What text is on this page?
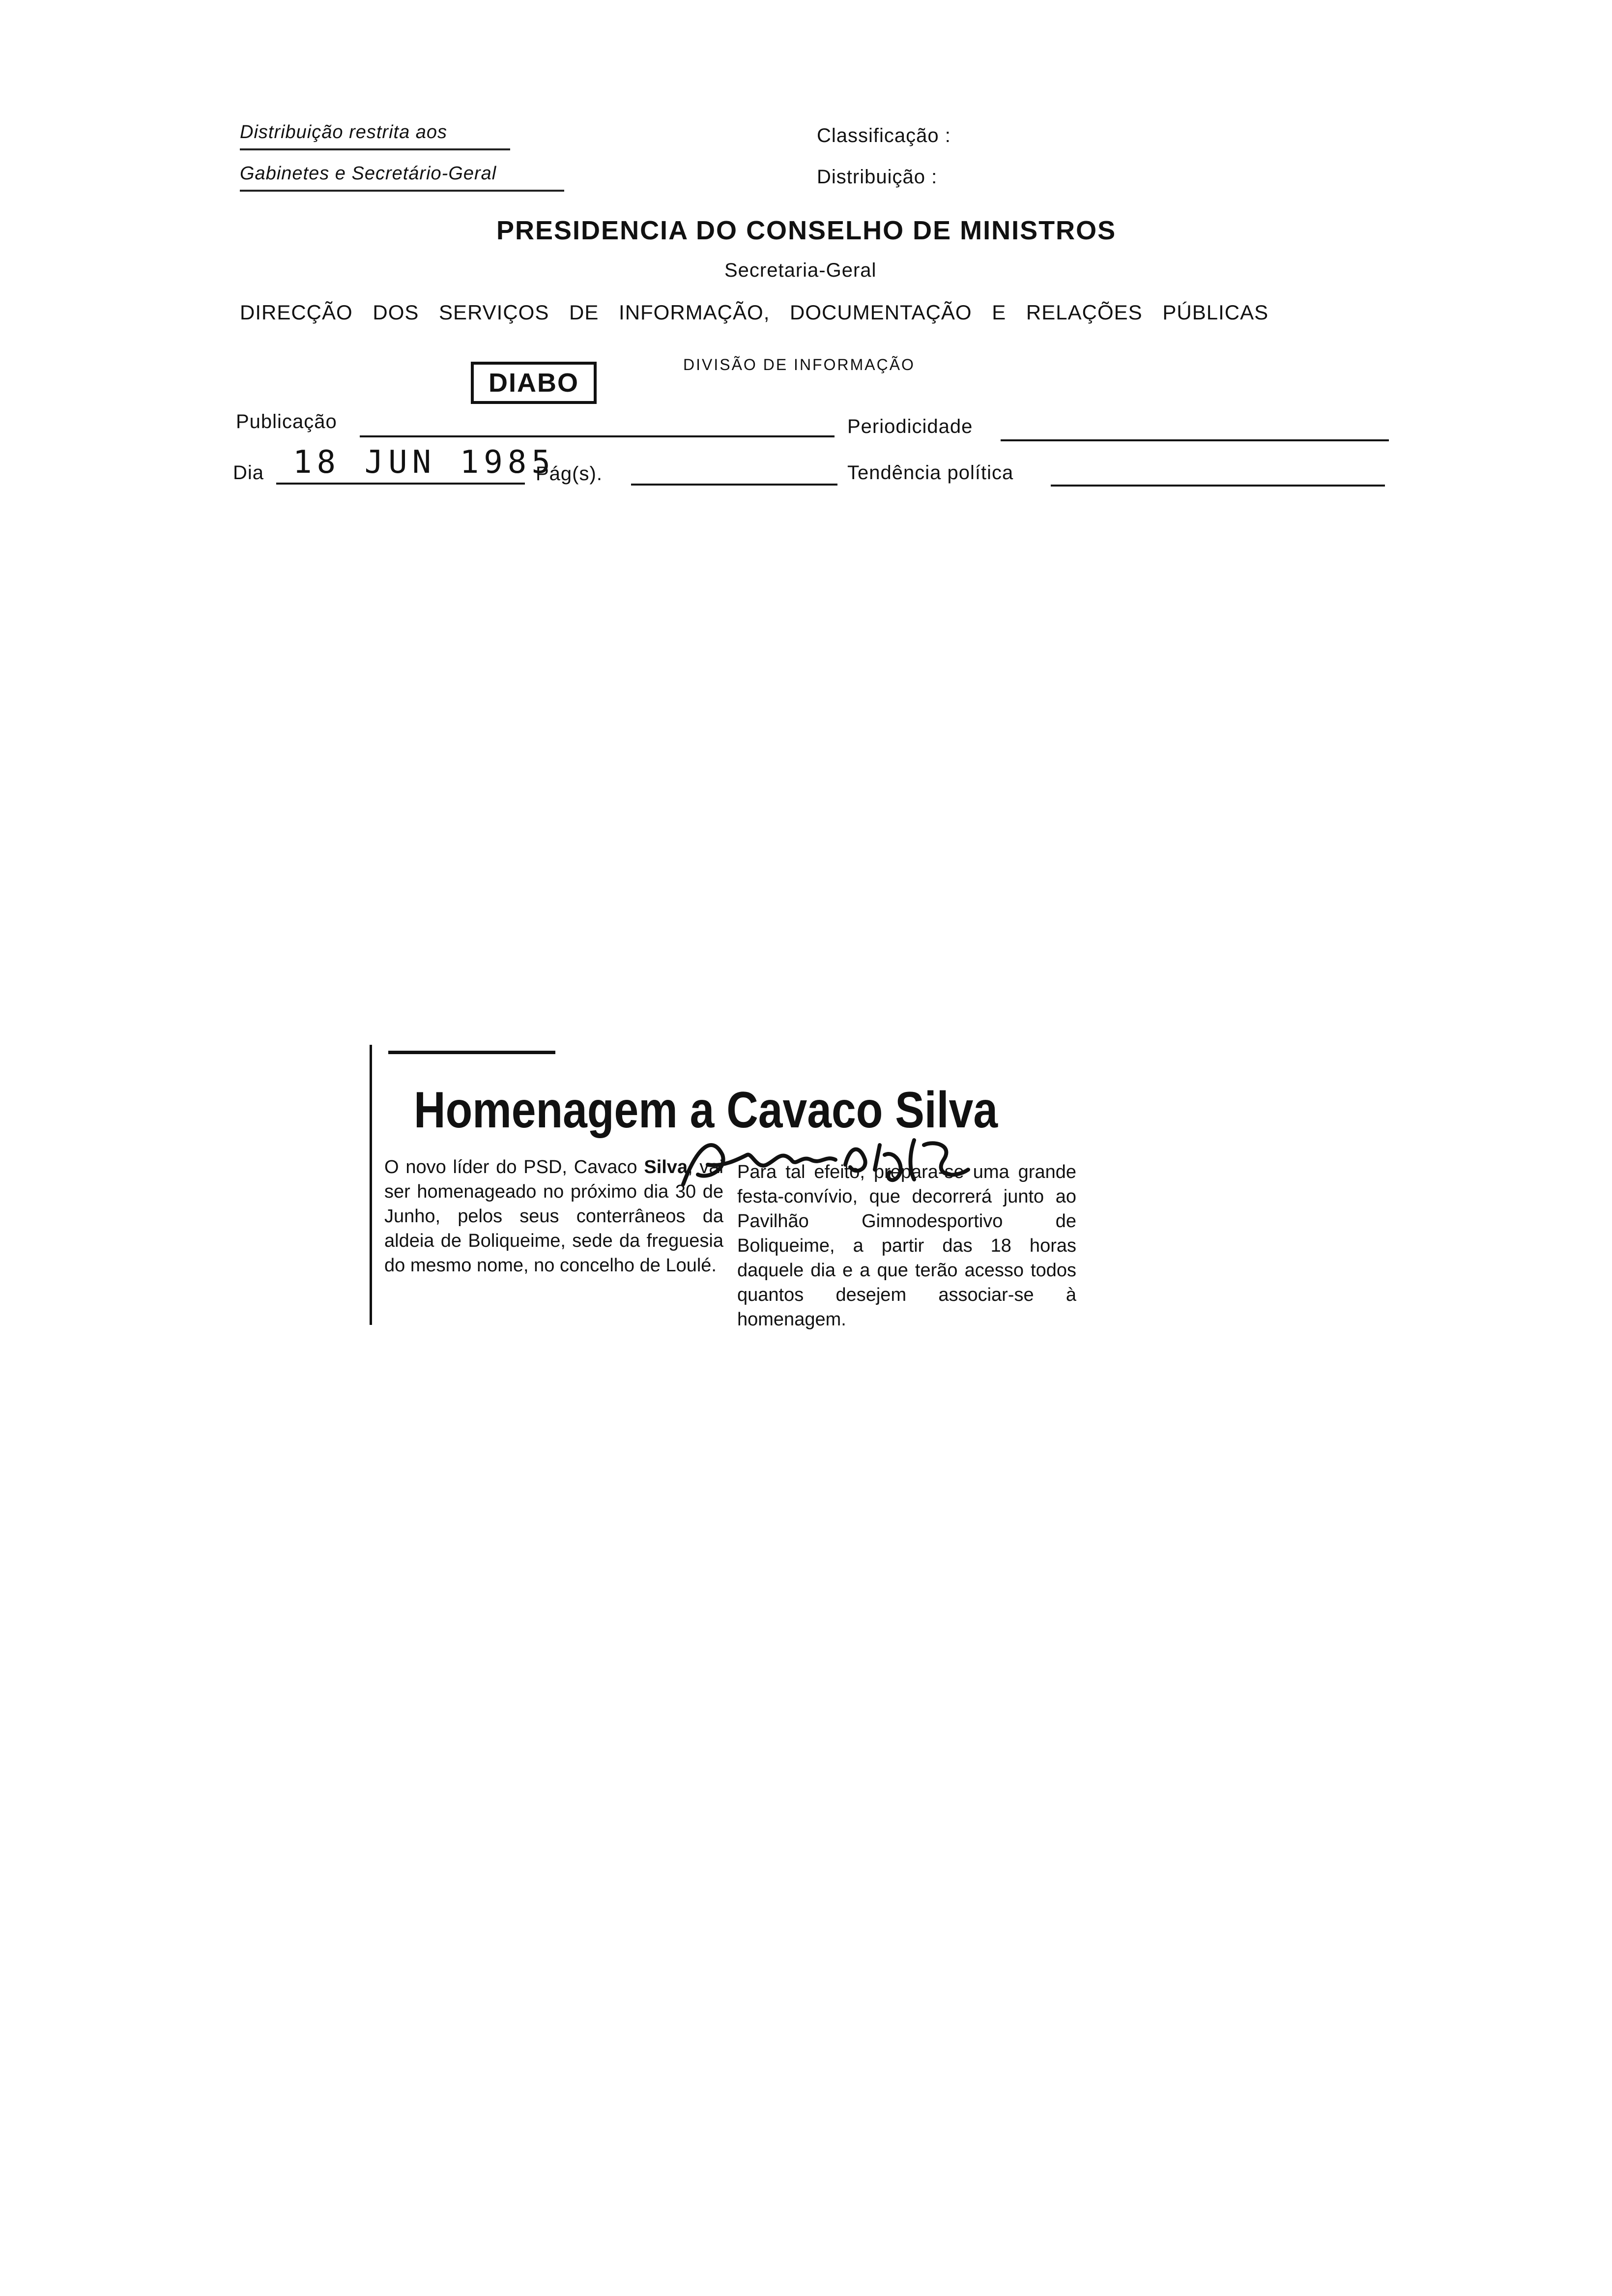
Distribuição restrita aos
Gabinetes e Secretário-Geral
Classificação :
Distribuição :
PRESIDENCIA DO CONSELHO DE MINISTROS
Secretaria-Geral
DIRECÇÃO DOS SERVIÇOS DE INFORMAÇÃO, DOCUMENTAÇÃO E RELAÇÕES PÚBLICAS
DIVISÃO DE INFORMAÇÃO
DIABO
Publicação	Periodicidade
Dia 18 JUN 1985
Pág(s).	Tendência política
Homenagem a Cavaco Silva
O novo líder do PSD, Cavaco Silva, vai ser homenageado no próximo dia 30 de Junho, pelos seus conterrâneos da aldeia de Boliqueime, sede da freguesia do mesmo nome, no concelho de Loulé.
Para tal efeito, prepara-se uma grande festa-convívio, que decorrerá junto ao Pavilhão Gimnodesportivo de Boliqueime, a partir das 18 horas daquele dia e a que terão acesso todos quantos desejem associar-se à homenagem.
